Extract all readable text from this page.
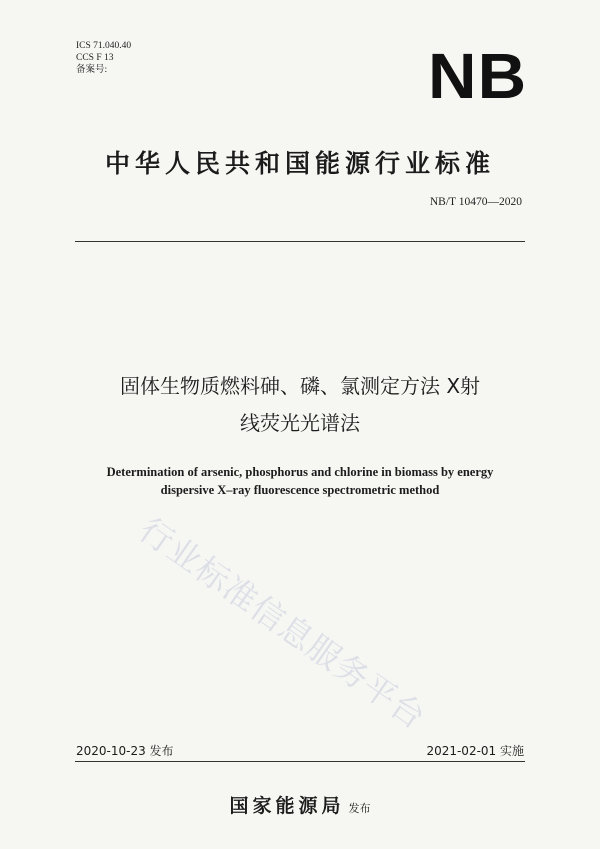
ICS 71.040.40
CCS F 13
备案号:	NB
中华人民共和国能源行业标准
NB/T 10470—2020
行业标准信息服务平台
固体生物质燃料砷、磷、氯测定方法 X射
线荧光光谱法
Determination of arsenic, phosphorus and chlorine in biomass by energy
dispersive X–ray fluorescence spectrometric method
2020-10-23 发布	2021-02-01 实施
国家能源局 发布
